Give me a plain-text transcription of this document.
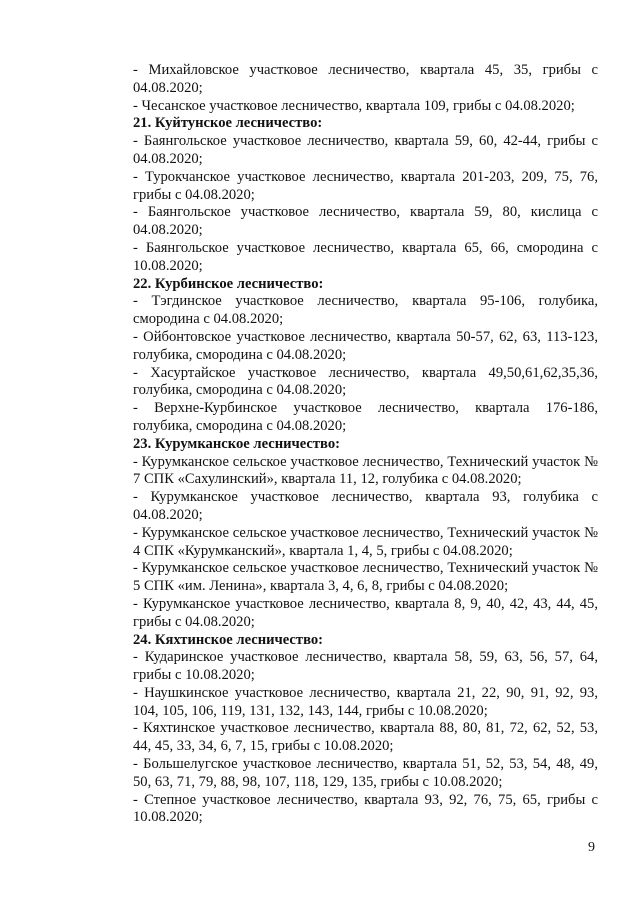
- Михайловское участковое лесничество, квартала 45, 35, грибы с 04.08.2020;

- Чесанское участковое лесничество, квартала 109, грибы с 04.08.2020;

21. Куйтунское лесничество:

- Баянгольское участковое лесничество, квартала 59, 60, 42-44, грибы с 04.08.2020;

- Турокчанское участковое лесничество, квартала 201-203, 209, 75, 76, грибы с 04.08.2020;

- Баянгольское участковое лесничество, квартала 59, 80, кислица с 04.08.2020;

- Баянгольское участковое лесничество, квартала 65, 66, смородина с 10.08.2020;

22. Курбинское лесничество:

- Тэгдинское участковое лесничество, квартала 95-106, голубика, смородина с 04.08.2020;

- Ойбонтовское участковое лесничество, квартала 50-57, 62, 63, 113-123, голубика, смородина с 04.08.2020;

- Хасуртайское участковое лесничество, квартала 49,50,61,62,35,36, голубика, смородина с 04.08.2020;

- Верхне-Курбинское участковое лесничество, квартала 176-186, голубика, смородина с 04.08.2020;

23. Курумканское лесничество:

- Курумканское сельское участковое лесничество, Технический участок № 7 СПК «Сахулинский», квартала 11, 12, голубика с 04.08.2020;

- Курумканское участковое лесничество, квартала 93, голубика с 04.08.2020;

- Курумканское сельское участковое лесничество, Технический участок № 4 СПК «Курумканский», квартала 1, 4, 5, грибы с 04.08.2020;

- Курумканское сельское участковое лесничество, Технический участок № 5 СПК «им. Ленина», квартала 3, 4, 6, 8, грибы с 04.08.2020;

- Курумканское участковое лесничество, квартала 8, 9, 40, 42, 43, 44, 45, грибы с 04.08.2020;

24. Кяхтинское лесничество:

- Кударинское участковое лесничество, квартала 58, 59, 63, 56, 57, 64, грибы с 10.08.2020;

- Наушкинское участковое лесничество, квартала 21, 22, 90, 91, 92, 93, 104, 105, 106, 119, 131, 132, 143, 144, грибы с 10.08.2020;

- Кяхтинское участковое лесничество, квартала 88, 80, 81, 72, 62, 52, 53, 44, 45, 33, 34, 6, 7, 15, грибы с 10.08.2020;

- Большелугское участковое лесничество, квартала 51, 52, 53, 54, 48, 49, 50, 63, 71, 79, 88, 98, 107, 118, 129, 135, грибы с 10.08.2020;

- Степное участковое лесничество, квартала 93, 92, 76, 75, 65, грибы с 10.08.2020;

9
